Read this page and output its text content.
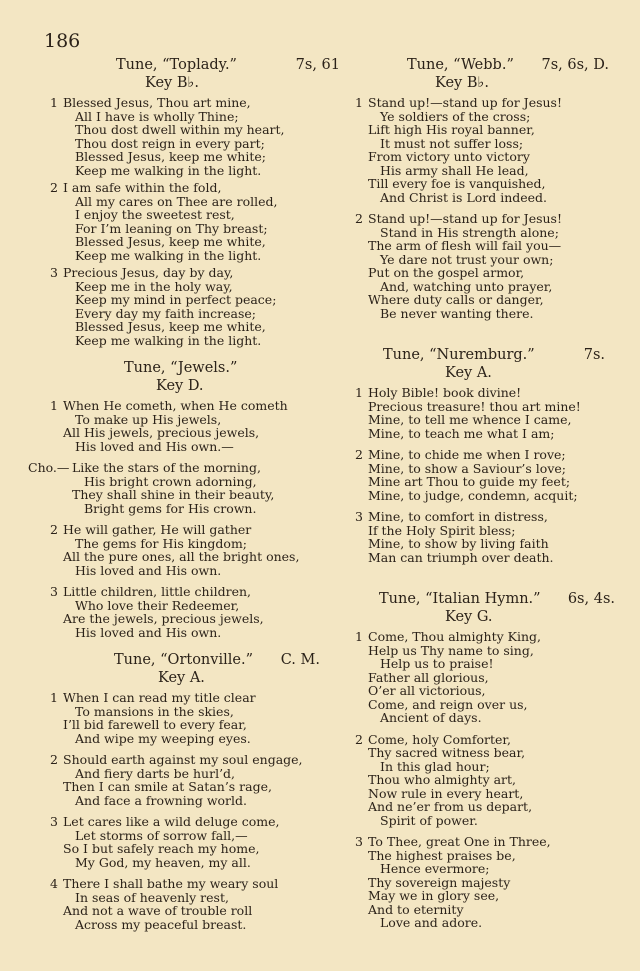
186
Tune, “Toplady.”	7s, 61
Key B♭.
1 Blessed Jesus, Thou art mine,
All I have is wholly Thine;
Thou dost dwell within my heart,
Thou dost reign in every part;
Blessed Jesus, keep me white;
Keep me walking in the light.
2 I am safe within the fold,
All my cares on Thee are rolled,
I enjoy the sweetest rest,
For I’m leaning on Thy breast;
Blessed Jesus, keep me white,
Keep me walking in the light.
3 Precious Jesus, day by day,
Keep me in the holy way,
Keep my mind in perfect peace;
Every day my faith increase;
Blessed Jesus, keep me white,
Keep me walking in the light.
Tune, “Jewels.”
Key D.
1 When He cometh, when He cometh
To make up His jewels,
All His jewels, precious jewels,
His loved and His own.—
Cho.— Like the stars of the morning,
His bright crown adorning,
They shall shine in their beauty,
Bright gems for His crown.
2 He will gather, He will gather
The gems for His kingdom;
All the pure ones, all the bright ones,
His loved and His own.
3 Little children, little children,
Who love their Redeemer,
Are the jewels, precious jewels,
His loved and His own.
Tune, “Ortonville.” C. M.
Key A.
1 When I can read my title clear
To mansions in the skies,
I’ll bid farewell to every fear,
And wipe my weeping eyes.
2 Should earth against my soul engage,
And fiery darts be hurl’d,
Then I can smile at Satan’s rage,
And face a frowning world.
3 Let cares like a wild deluge come,
Let storms of sorrow fall,—
So I but safely reach my home,
My God, my heaven, my all.
4 There I shall bathe my weary soul
In seas of heavenly rest,
And not a wave of trouble roll
Across my peaceful breast.
Tune, “Webb.” 7s, 6s, D.
Key B♭.
1 Stand up!—stand up for Jesus!
Ye soldiers of the cross;
Lift high His royal banner,
It must not suffer loss;
From victory unto victory
His army shall He lead,
Till every foe is vanquished,
And Christ is Lord indeed.
2 Stand up!—stand up for Jesus!
Stand in His strength alone;
The arm of flesh will fail you—
Ye dare not trust your own;
Put on the gospel armor,
And, watching unto prayer,
Where duty calls or danger,
Be never wanting there.
Tune, “Nuremburg.”	7s.
Key A.
1 Holy Bible! book divine!
Precious treasure! thou art mine!
Mine, to tell me whence I came,
Mine, to teach me what I am;
2 Mine, to chide me when I rove;
Mine, to show a Saviour’s love;
Mine art Thou to guide my feet;
Mine, to judge, condemn, acquit;
3 Mine, to comfort in distress,
If the Holy Spirit bless;
Mine, to show by living faith
Man can triumph over death.
Tune, “Italian Hymn.” 6s, 4s.
Key G.
1 Come, Thou almighty King,
Help us Thy name to sing,
Help us to praise!
Father all glorious,
O’er all victorious,
Come, and reign over us,
Ancient of days.
2 Come, holy Comforter,
Thy sacred witness bear,
In this glad hour;
Thou who almighty art,
Now rule in every heart,
And ne’er from us depart,
Spirit of power.
3 To Thee, great One in Three,
The highest praises be,
Hence evermore;
Thy sovereign majesty
May we in glory see,
And to eternity
Love and adore.
